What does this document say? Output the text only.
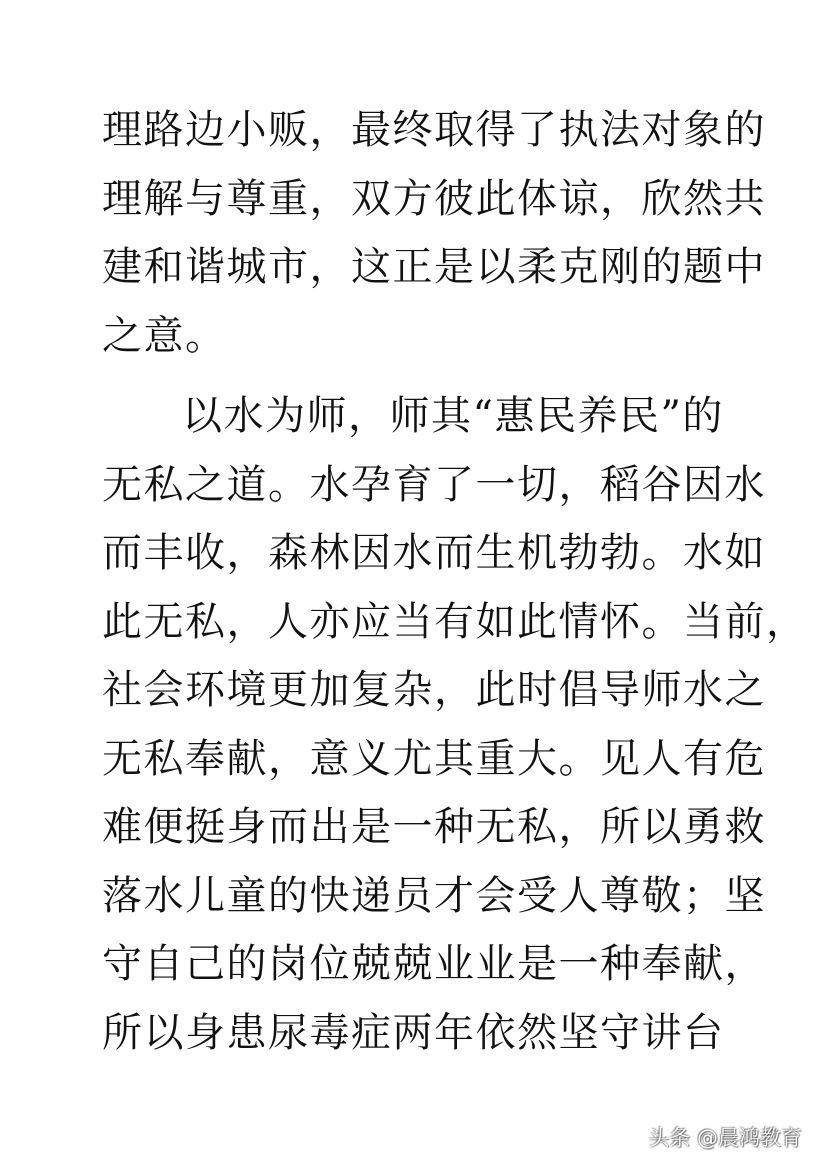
理路边小贩，最终取得了执法对象的
理解与尊重，双方彼此体谅，欣然共
建和谐城市，这正是以柔克刚的题中
之意。
以水为师，师其“惠民养民”的
无私之道。水孕育了一切，稻谷因水
而丰收，森林因水而生机勃勃。水如
此无私，人亦应当有如此情怀。当前，
社会环境更加复杂，此时倡导师水之
无私奉献，意义尤其重大。见人有危
难便挺身而出是一种无私，所以勇救
落水儿童的快递员才会受人尊敬；坚
守自己的岗位兢兢业业是一种奉献，
所以身患尿毒症两年依然坚守讲台
头条 @晨鸿教育
